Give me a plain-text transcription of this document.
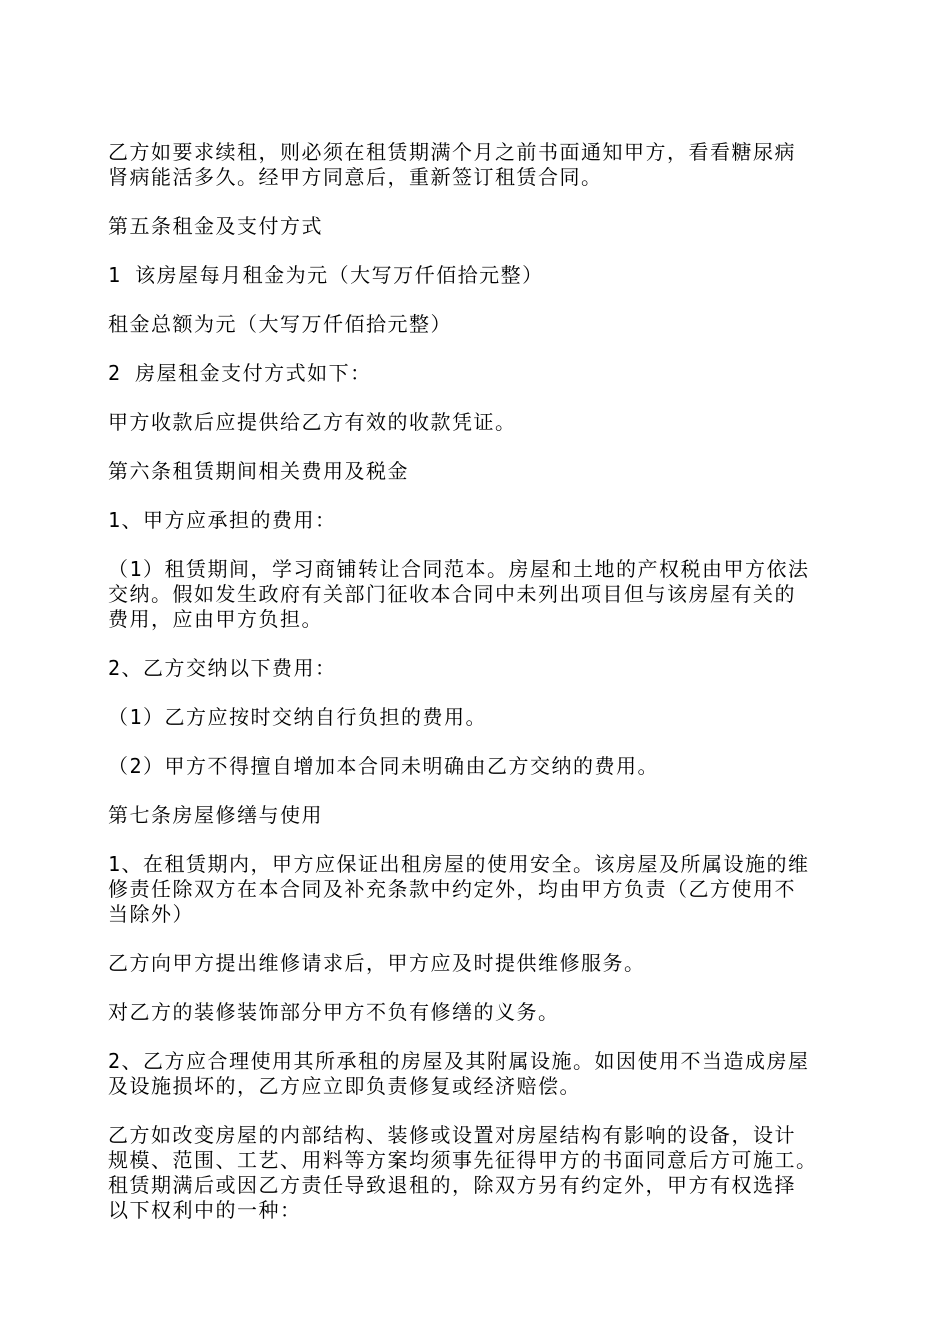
乙方如要求续租，则必须在租赁期满个月之前书面通知甲方，看看糖尿病
肾病能活多久。经甲方同意后，重新签订租赁合同。

第五条租金及支付方式

1 该房屋每月租金为元（大写万仟佰拾元整）

租金总额为元（大写万仟佰拾元整）

2 房屋租金支付方式如下：

甲方收款后应提供给乙方有效的收款凭证。

第六条租赁期间相关费用及税金

1、甲方应承担的费用：

（1）租赁期间，学习商铺转让合同范本。房屋和土地的产权税由甲方依法
交纳。假如发生政府有关部门征收本合同中未列出项目但与该房屋有关的
费用，应由甲方负担。

2、乙方交纳以下费用：

（1）乙方应按时交纳自行负担的费用。

（2）甲方不得擅自增加本合同未明确由乙方交纳的费用。

第七条房屋修缮与使用

1、在租赁期内，甲方应保证出租房屋的使用安全。该房屋及所属设施的维
修责任除双方在本合同及补充条款中约定外，均由甲方负责（乙方使用不
当除外）

乙方向甲方提出维修请求后，甲方应及时提供维修服务。

对乙方的装修装饰部分甲方不负有修缮的义务。

2、乙方应合理使用其所承租的房屋及其附属设施。如因使用不当造成房屋
及设施损坏的，乙方应立即负责修复或经济赔偿。

乙方如改变房屋的内部结构、装修或设置对房屋结构有影响的设备，设计
规模、范围、工艺、用料等方案均须事先征得甲方的书面同意后方可施工。
租赁期满后或因乙方责任导致退租的，除双方另有约定外，甲方有权选择
以下权利中的一种：
